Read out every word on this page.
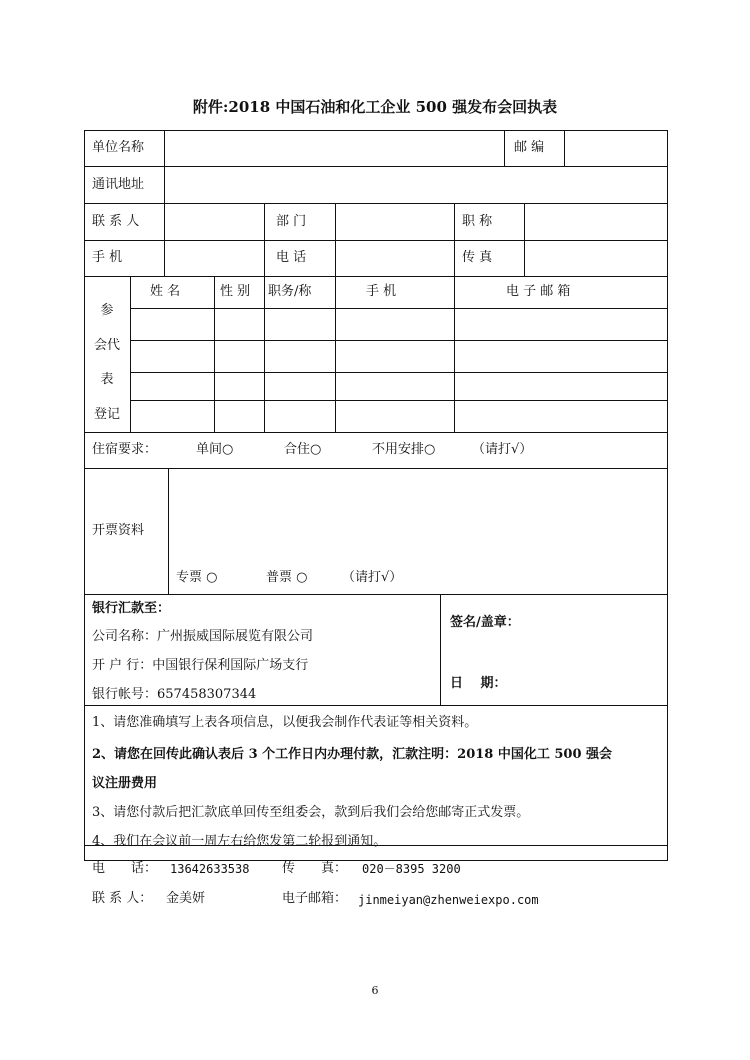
附件:2018 中国石油和化工企业 500 强发布会回执表
单位名称	邮 编
通讯地址
联 系 人	部 门	职 称
手 机	电 话	传 真
参
会代
表
登记
姓 名	性 别 职务/称	手 机	电 子 邮 箱
住宿要求：	单间○	合住○	不用安排○	（请打√）
开票资料
专票 ○	普票 ○	（请打√）
银行汇款至：
公司名称：广州振威国际展览有限公司
开 户 行：中国银行保利国际广场支行
银行帐号：657458307344
签名/盖章：
日　 期：
1、请您准确填写上表各项信息，以便我会制作代表证等相关资料。
2、请您在回传此确认表后 3 个工作日内办理付款，汇款注明：2018 中国化工 500 强会
议注册费用
3、请您付款后把汇款底单回传至组委会，款到后我们会给您邮寄正式发票。
4、我们在会议前一周左右给您发第二轮报到通知。
电　　话： 13642633538	传　　真： 020－8395 3200
联 系 人： 金美妍	电子邮箱： jinmeiyan@zhenweiexpo.com
6
